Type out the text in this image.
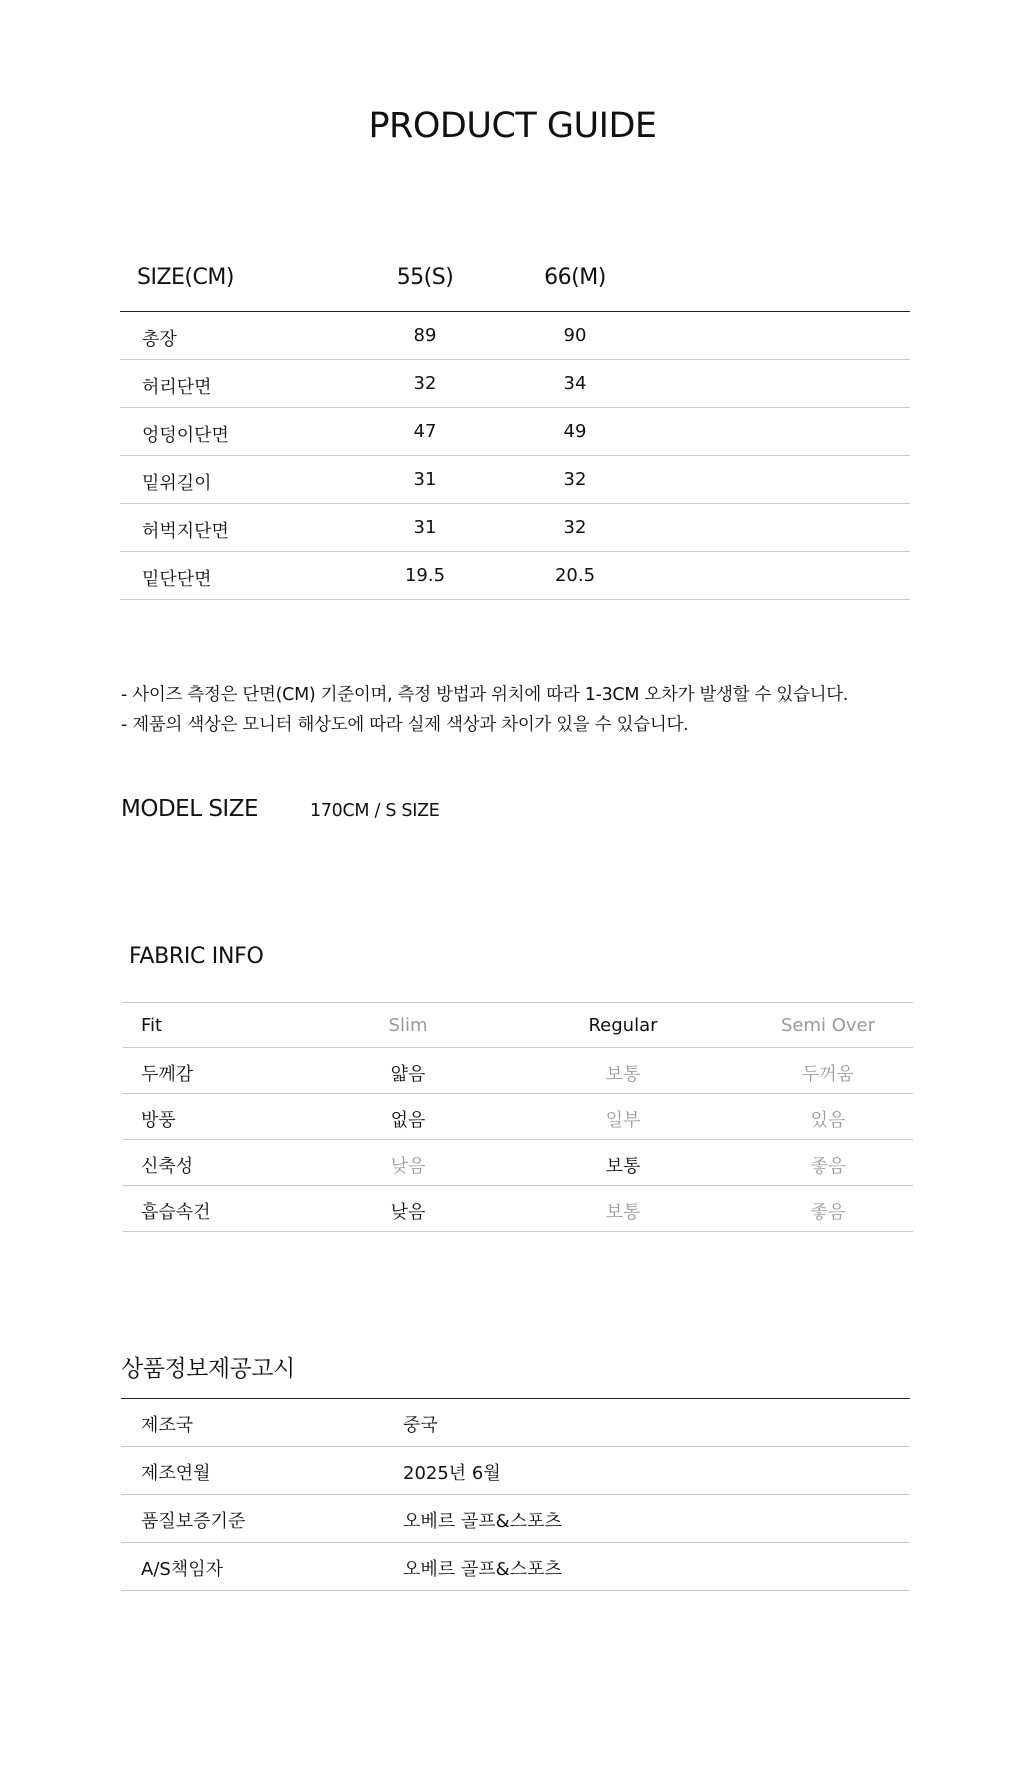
PRODUCT GUIDE
SIZE(CM)	55(S)	66(M)
총장	89	90
허리단면	32	34
엉덩이단면	47	49
밑위길이	31	32
허벅지단면	31	32
밑단단면	19.5	20.5
- 사이즈 측정은 단면(CM) 기준이며, 측정 방법과 위치에 따라 1-3CM 오차가 발생할 수 있습니다.
- 제품의 색상은 모니터 해상도에 따라 실제 색상과 차이가 있을 수 있습니다.
MODEL SIZE	170CM / S SIZE
FABRIC INFO
Fit	Slim	Regular	Semi Over
두께감	얇음	보통	두꺼움
방풍	없음	일부	있음
신축성	낮음	보통	좋음
흡습속건	낮음	보통	좋음
상품정보제공고시
제조국	중국
제조연월	2025년 6월
품질보증기준	오베르 골프&스포츠
A/S책임자	오베르 골프&스포츠
